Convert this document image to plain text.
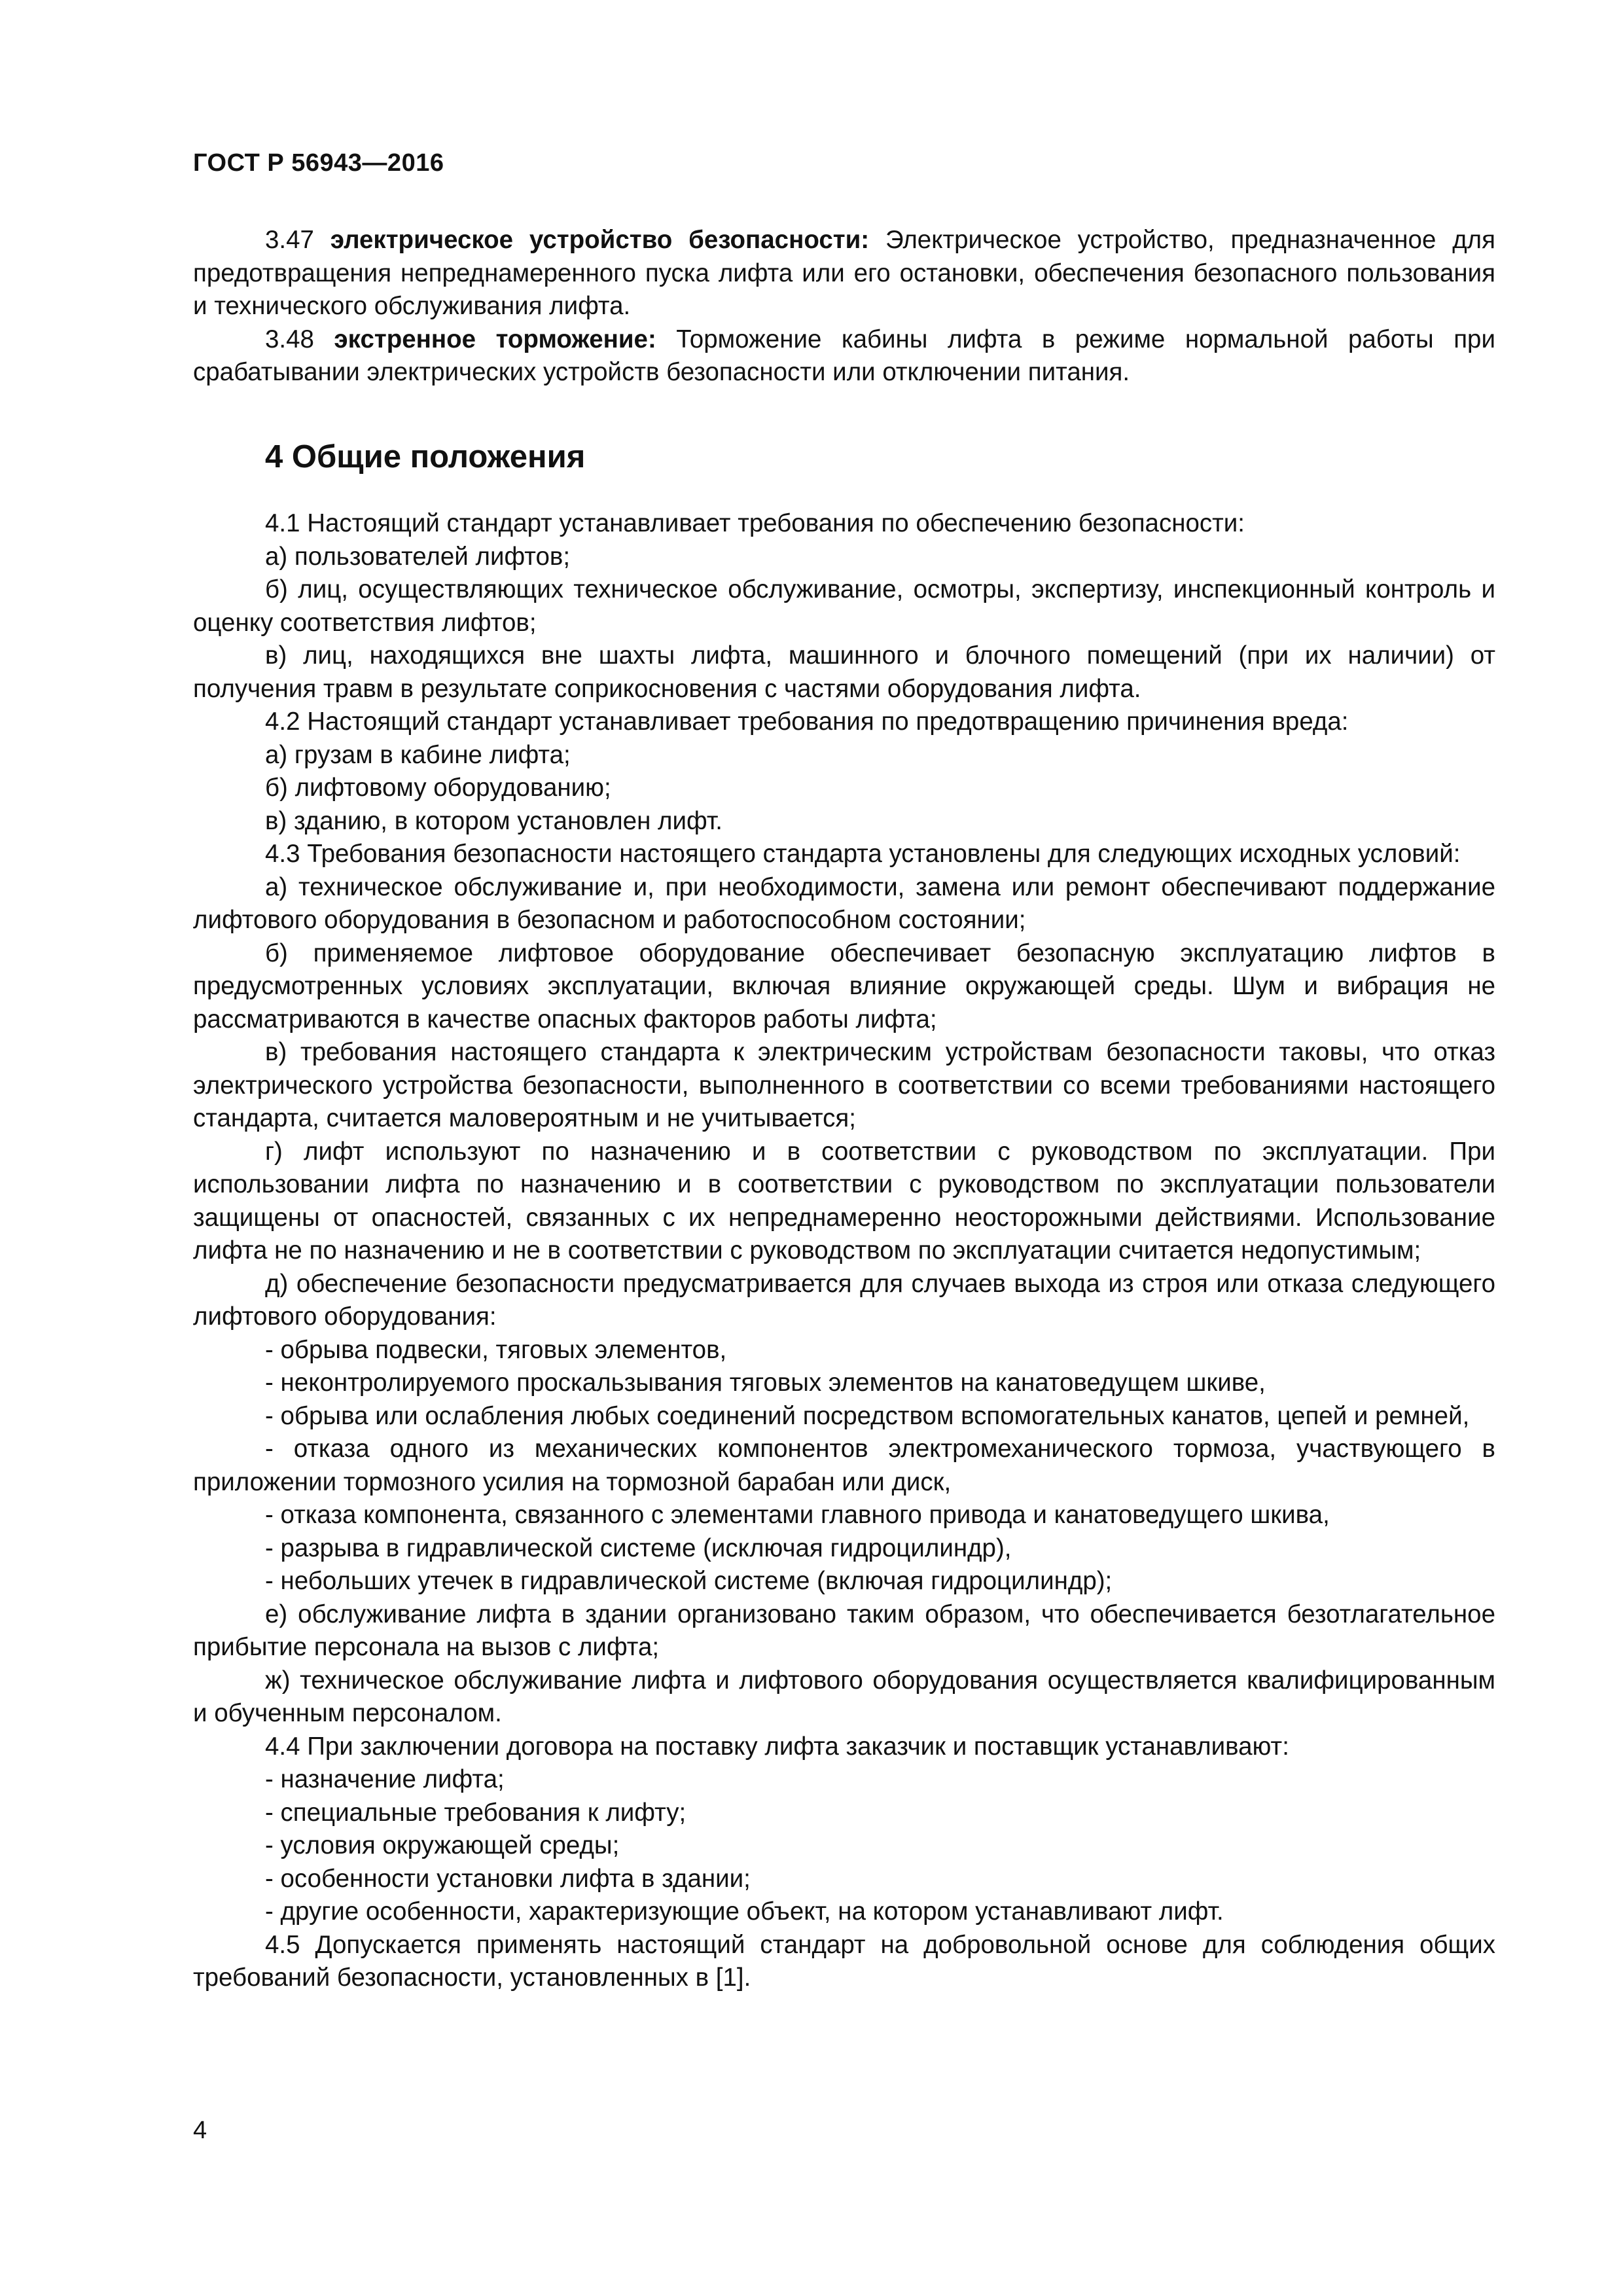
ГОСТ Р 56943—2016

3.47 электрическое устройство безопасности: Электрическое устройство, предназначенное для предотвращения непреднамеренного пуска лифта или его остановки, обеспечения безопасного пользования и технического обслуживания лифта.

3.48 экстренное торможение: Торможение кабины лифта в режиме нормальной работы при срабатывании электрических устройств безопасности или отключении питания.

4 Общие положения

4.1 Настоящий стандарт устанавливает требования по обеспечению безопасности:

а) пользователей лифтов;

б) лиц, осуществляющих техническое обслуживание, осмотры, экспертизу, инспекционный контроль и оценку соответствия лифтов;

в) лиц, находящихся вне шахты лифта, машинного и блочного помещений (при их наличии) от получения травм в результате соприкосновения с частями оборудования лифта.

4.2 Настоящий стандарт устанавливает требования по предотвращению причинения вреда:

а) грузам в кабине лифта;

б) лифтовому оборудованию;

в) зданию, в котором установлен лифт.

4.3 Требования безопасности настоящего стандарта установлены для следующих исходных условий:

а) техническое обслуживание и, при необходимости, замена или ремонт обеспечивают поддержание лифтового оборудования в безопасном и работоспособном состоянии;

б) применяемое лифтовое оборудование обеспечивает безопасную эксплуатацию лифтов в предусмотренных условиях эксплуатации, включая влияние окружающей среды. Шум и вибрация не рассматриваются в качестве опасных факторов работы лифта;

в) требования настоящего стандарта к электрическим устройствам безопасности таковы, что отказ электрического устройства безопасности, выполненного в соответствии со всеми требованиями настоящего стандарта, считается маловероятным и не учитывается;

г) лифт используют по назначению и в соответствии с руководством по эксплуатации. При использовании лифта по назначению и в соответствии с руководством по эксплуатации пользователи защищены от опасностей, связанных с их непреднамеренно неосторожными действиями. Использование лифта не по назначению и не в соответствии с руководством по эксплуатации считается недопустимым;

д) обеспечение безопасности предусматривается для случаев выхода из строя или отказа следующего лифтового оборудования:

- обрыва подвески, тяговых элементов,

- неконтролируемого проскальзывания тяговых элементов на канатоведущем шкиве,

- обрыва или ослабления любых соединений посредством вспомогательных канатов, цепей и ремней,

- отказа одного из механических компонентов электромеханического тормоза, участвующего в приложении тормозного усилия на тормозной барабан или диск,

- отказа компонента, связанного с элементами главного привода и канатоведущего шкива,

- разрыва в гидравлической системе (исключая гидроцилиндр),

- небольших утечек в гидравлической системе (включая гидроцилиндр);

е) обслуживание лифта в здании организовано таким образом, что обеспечивается безотлагательное прибытие персонала на вызов с лифта;

ж) техническое обслуживание лифта и лифтового оборудования осуществляется квалифицированным и обученным персоналом.

4.4 При заключении договора на поставку лифта заказчик и поставщик устанавливают:

- назначение лифта;

- специальные требования к лифту;

- условия окружающей среды;

- особенности установки лифта в здании;

- другие особенности, характеризующие объект, на котором устанавливают лифт.

4.5 Допускается применять настоящий стандарт на добровольной основе для соблюдения общих требований безопасности, установленных в [1].

4
